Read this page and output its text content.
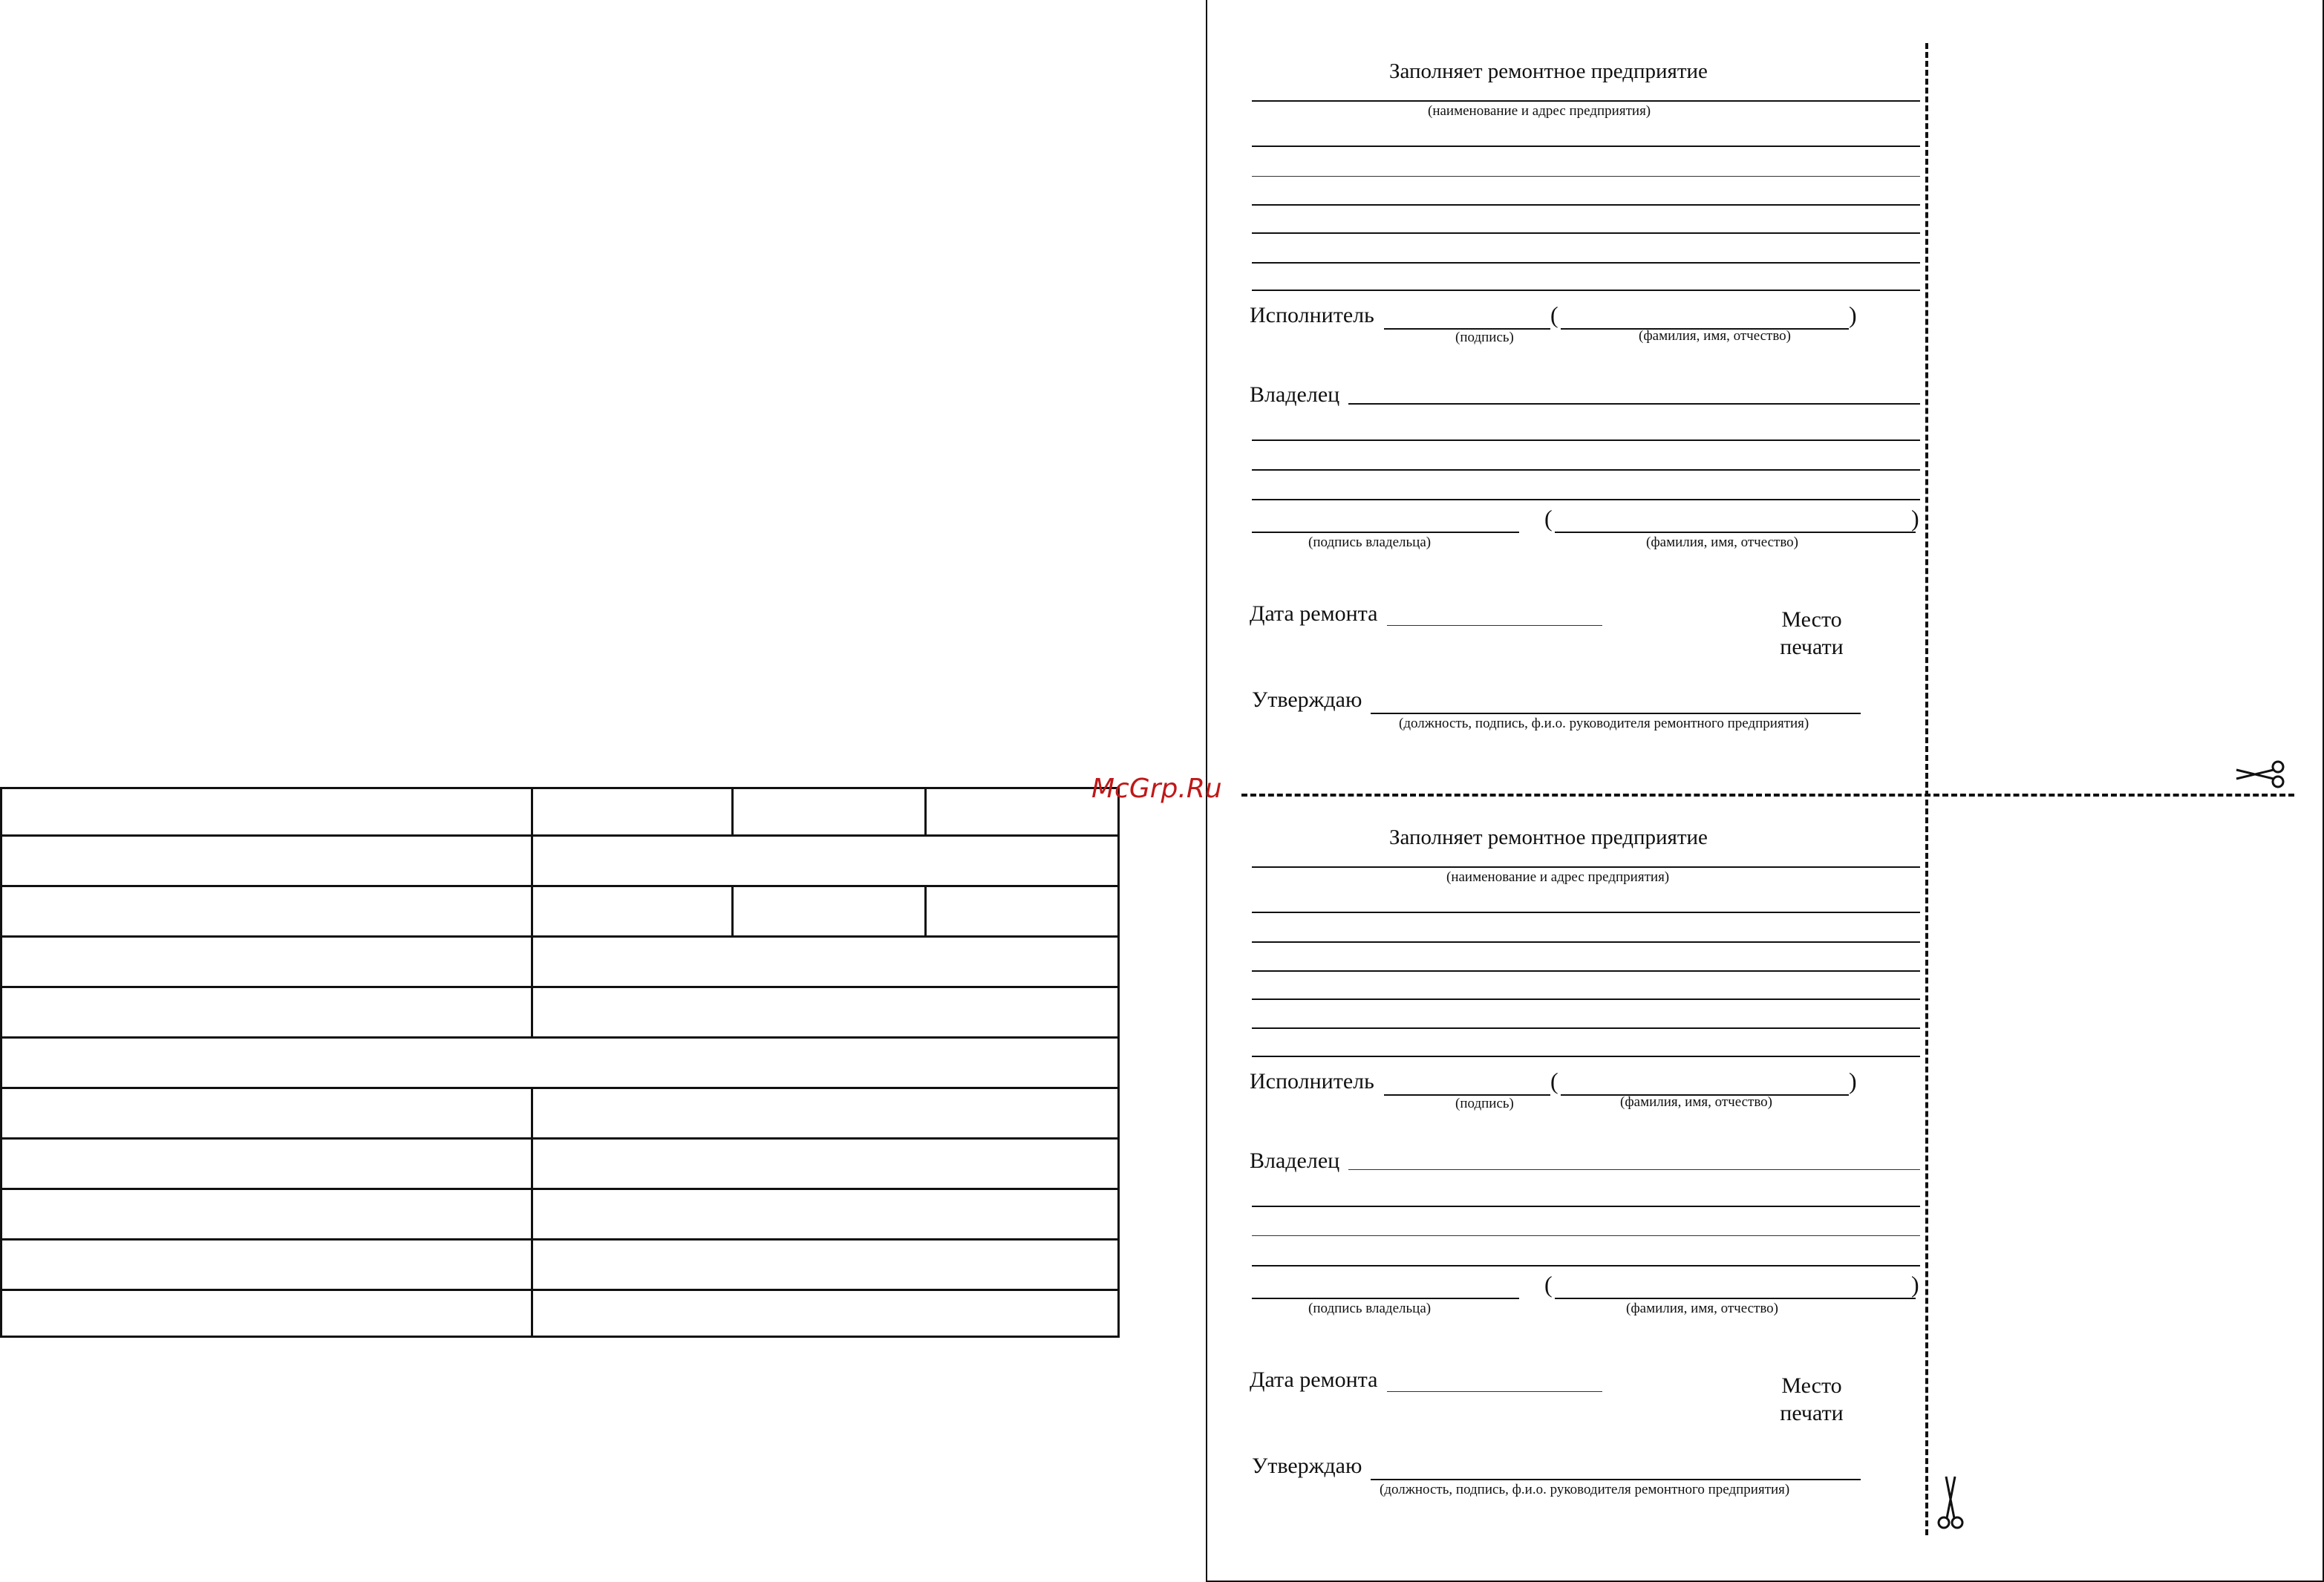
McGrp.Ru
Заполняет ремонтное предприятие
(наименование и адрес предприятия)
Исполнитель	(	)
(подпись)	(фамилия, имя, отчество)
Владелец
(	)
(подпись владельца)	(фамилия, имя, отчество)
Дата ремонта	Место
печати
Утверждаю
(должность, подпись, ф.и.о. руководителя ремонтного предприятия)
Заполняет ремонтное предприятие
(наименование и адрес предприятия)
Исполнитель	(	)
(подпись)	(фамилия, имя, отчество)
Владелец
(	)
(подпись владельца)	(фамилия, имя, отчество)
Дата ремонта	Место
печати
Утверждаю
(должность, подпись, ф.и.о. руководителя ремонтного предприятия)
